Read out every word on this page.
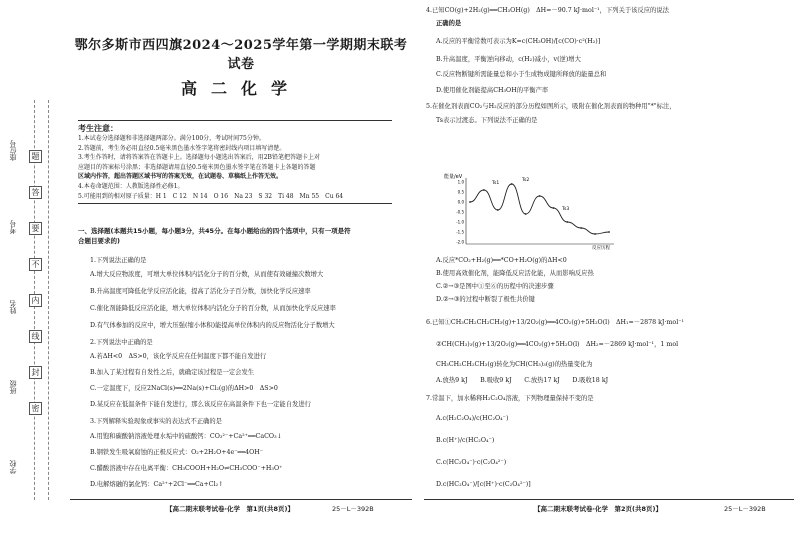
座位号
考号
姓名
班级
学校
题
答
要
不
内
线
封
密
鄂尔多斯市西四旗2024～2025学年第一学期期末联考试卷
高二化学
考生注意：
1.本试卷分选择题和非选择题两部分。满分100分，考试时间75分钟。
2.答题前，考生务必用直径0.5毫米黑色墨水签字笔将密封线内项目填写清楚。
3.考生作答时，请将答案答在答题卡上。选择题每小题选出答案后，用2B铅笔把答题卡上对
应题目的答案标号涂黑；非选择题请用直径0.5毫米黑色墨水签字笔在答题卡上各题的答题
区域内作答，超出答题区域书写的答案无效，在试题卷、草稿纸上作答无效。
4.本卷命题范围：人教版选择性必修1。
5.可能用到的相对原子质量：H 1　C 12　N 14　O 16　Na 23　S 32　Ti 48　Mn 55　Cu 64
一、选择题(本题共15小题，每小题3分，共45分。在每小题给出的四个选项中，只有一项是符
合题目要求的)
1.下列说法正确的是
A.增大反应物浓度，可增大单位体积内活化分子的百分数，从而使有效碰撞次数增大
B.升高温度可降低化学反应活化能，提高了活化分子百分数，加快化学反应速率
C.催化剂能降低反应活化能，增大单位体积内活化分子的百分数，从而加快化学反应速率
D.有气体参加的反应中，增大压强(缩小体积)能提高单位体积内的反应物活化分子数增大
2.下列说法中正确的是
A.若ΔH<0　ΔS>0，该化学反应在任何温度下都不能自发进行
B.加入了某过程有自发性之后，就确定该过程是一定会发生
C.一定温度下，反应2NaCl(s)══2Na(s)+Cl₂(g)的ΔH>0　ΔS>0
D.某反应在低温条件下能自发进行，那么该反应在高温条件下也一定能自发进行
3.下列解释实验现象或事实的表达式不正确的是
A.用饱和碳酸钠溶液处理水垢中的硫酸钙：CO₃²⁻+Ca²⁺══CaCO₃↓
B.钢铁发生吸氧腐蚀的正极反应式：O₂+2H₂O+4e⁻══4OH⁻
C.醋酸溶液中存在电离平衡：CH₃COOH+H₂O⇌CH₃COO⁻+H₃O⁺
D.电解熔融的氯化钙：Ca²⁺+2Cl⁻══Ca+Cl₂↑
【高二期末联考试卷·化学　第1页(共8页)】	25－L－392B
4.已知CO(g)+2H₂(g)══CH₃OH(g)　ΔH=－90.7 kJ·mol⁻¹，下列关于该反应的说法
正确的是
A.反应的平衡常数可表示为K=c(CH₃OH)/[c(CO)·c²(H₂)]
B.升高温度，平衡逆向移动，c(H₂)减小，v(逆)增大
C.反应物断键所需能量总和小于生成物成键所释放的能量总和
D.使用催化剂能提高CH₃OH的平衡产率
5.在催化剂表面CO₂与H₂反应的部分历程如图所示，吸附在催化剂表面的物种用"*"标注，
Ts表示过渡态。下列说法不正确的是
能量/eV
反应历程
1.0
0.5
0.0
-0.5
-1.0
-1.5
-2.0
Ts1
Ts2
Ts3
A.反应*CO₂+H₂(g)══*CO+H₂O(g)的ΔH<0
B.使用高效催化剂，能降低反应活化能，从而影响反应热
C.②→③是图中①至⑥的历程中的决速步骤
D.②→③的过程中断裂了极性共价键
6.已知①CH₃CH₂CH₂CH₃(g)+13/2O₂(g)══4CO₂(g)+5H₂O(l)　ΔH₁=－2878 kJ·mol⁻¹
②CH(CH₃)₃(g)+13/2O₂(g)══4CO₂(g)+5H₂O(l)　ΔH₂=－2869 kJ·mol⁻¹，1 mol
CH₃CH₂CH₂CH₃(g)转化为CH(CH₃)₃(g)的热量变化为
A.放热9 kJ　　B.吸收9 kJ　　C.放热17 kJ　　D.吸收18 kJ
7.常温下，加水稀释H₂C₂O₄溶液，下列物理量保持不变的是
A.c(H₂C₂O₄)/c(HC₂O₄⁻)
B.c(H⁺)/c(HC₂O₄⁻)
C.c(HC₂O₄⁻)·c(C₂O₄²⁻)
D.c(HC₂O₄⁻)/[c(H⁺)·c(C₂O₄²⁻)]
【高二期末联考试卷·化学　第2页(共8页)】	25－L－392B
